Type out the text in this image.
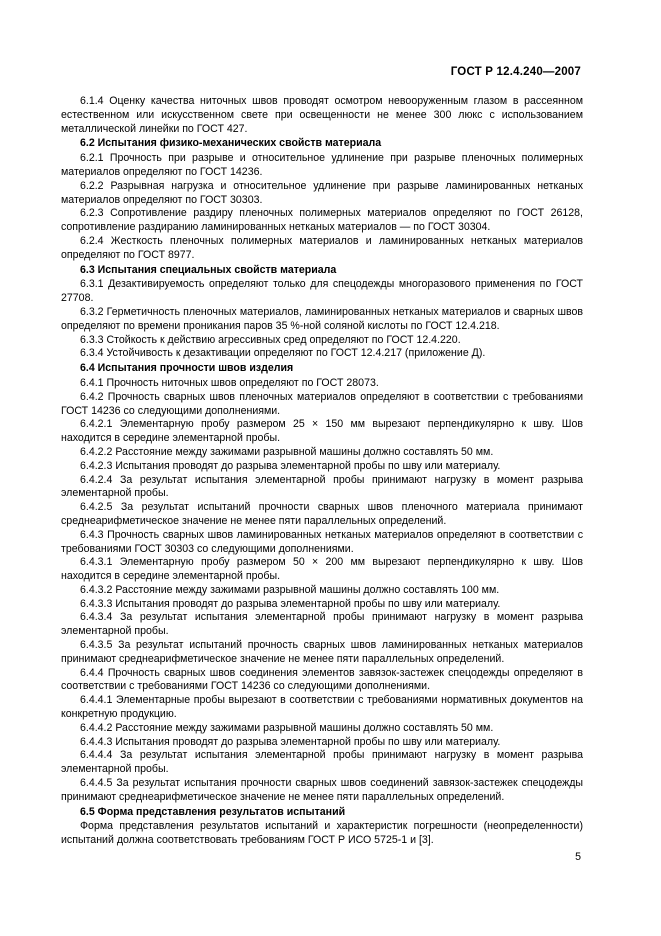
ГОСТ Р 12.4.240—2007

6.1.4 Оценку качества ниточных швов проводят осмотром невооруженным глазом в рассеянном естественном или искусственном свете при освещенности не менее 300 люкс с использованием металлической линейки по ГОСТ 427.

6.2 Испытания физико-механических свойств материала

6.2.1 Прочность при разрыве и относительное удлинение при разрыве пленочных полимерных материалов определяют по ГОСТ 14236.

6.2.2 Разрывная нагрузка и относительное удлинение при разрыве ламинированных нетканых материалов определяют по ГОСТ 30303.

6.2.3 Сопротивление раздиру пленочных полимерных материалов определяют по ГОСТ 26128, сопротивление раздиранию ламинированных нетканых материалов — по ГОСТ 30304.

6.2.4 Жесткость пленочных полимерных материалов и ламинированных нетканых материалов определяют по ГОСТ 8977.

6.3 Испытания специальных свойств материала

6.3.1 Дезактивируемость определяют только для спецодежды многоразового применения по ГОСТ 27708.

6.3.2 Герметичность пленочных материалов, ламинированных нетканых материалов и сварных швов определяют по времени проникания паров 35 %-ной соляной кислоты по ГОСТ 12.4.218.

6.3.3 Стойкость к действию агрессивных сред определяют по ГОСТ 12.4.220.

6.3.4 Устойчивость к дезактивации определяют по ГОСТ 12.4.217 (приложение Д).

6.4 Испытания прочности швов изделия

6.4.1 Прочность ниточных швов определяют по ГОСТ 28073.

6.4.2 Прочность сварных швов пленочных материалов определяют в соответствии с требованиями ГОСТ 14236 со следующими дополнениями.

6.4.2.1 Элементарную пробу размером 25 × 150 мм вырезают перпендикулярно к шву. Шов находится в середине элементарной пробы.

6.4.2.2 Расстояние между зажимами разрывной машины должно составлять 50 мм.

6.4.2.3 Испытания проводят до разрыва элементарной пробы по шву или материалу.

6.4.2.4 За результат испытания элементарной пробы принимают нагрузку в момент разрыва элементарной пробы.

6.4.2.5 За результат испытаний прочности сварных швов пленочного материала принимают среднеарифметическое значение не менее пяти параллельных определений.

6.4.3 Прочность сварных швов ламинированных нетканых материалов определяют в соответствии с требованиями ГОСТ 30303 со следующими дополнениями.

6.4.3.1 Элементарную пробу размером 50 × 200 мм вырезают перпендикулярно к шву. Шов находится в середине элементарной пробы.

6.4.3.2 Расстояние между зажимами разрывной машины должно составлять 100 мм.

6.4.3.3 Испытания проводят до разрыва элементарной пробы по шву или материалу.

6.4.3.4 За результат испытания элементарной пробы принимают нагрузку в момент разрыва элементарной пробы.

6.4.3.5 За результат испытаний прочность сварных швов ламинированных нетканых материалов принимают среднеарифметическое значение не менее пяти параллельных определений.

6.4.4 Прочность сварных швов соединения элементов завязок-застежек спецодежды определяют в соответствии с требованиями ГОСТ 14236 со следующими дополнениями.

6.4.4.1 Элементарные пробы вырезают в соответствии с требованиями нормативных документов на конкретную продукцию.

6.4.4.2 Расстояние между зажимами разрывной машины должно составлять 50 мм.

6.4.4.3 Испытания проводят до разрыва элементарной пробы по шву или материалу.

6.4.4.4 За результат испытания элементарной пробы принимают нагрузку в момент разрыва элементарной пробы.

6.4.4.5 За результат испытания прочности сварных швов соединений завязок-застежек спецодежды принимают среднеарифметическое значение не менее пяти параллельных определений.

6.5 Форма представления результатов испытаний

Форма представления результатов испытаний и характеристик погрешности (неопределенности) испытаний должна соответствовать требованиям ГОСТ Р ИСО 5725-1 и [3].

5
